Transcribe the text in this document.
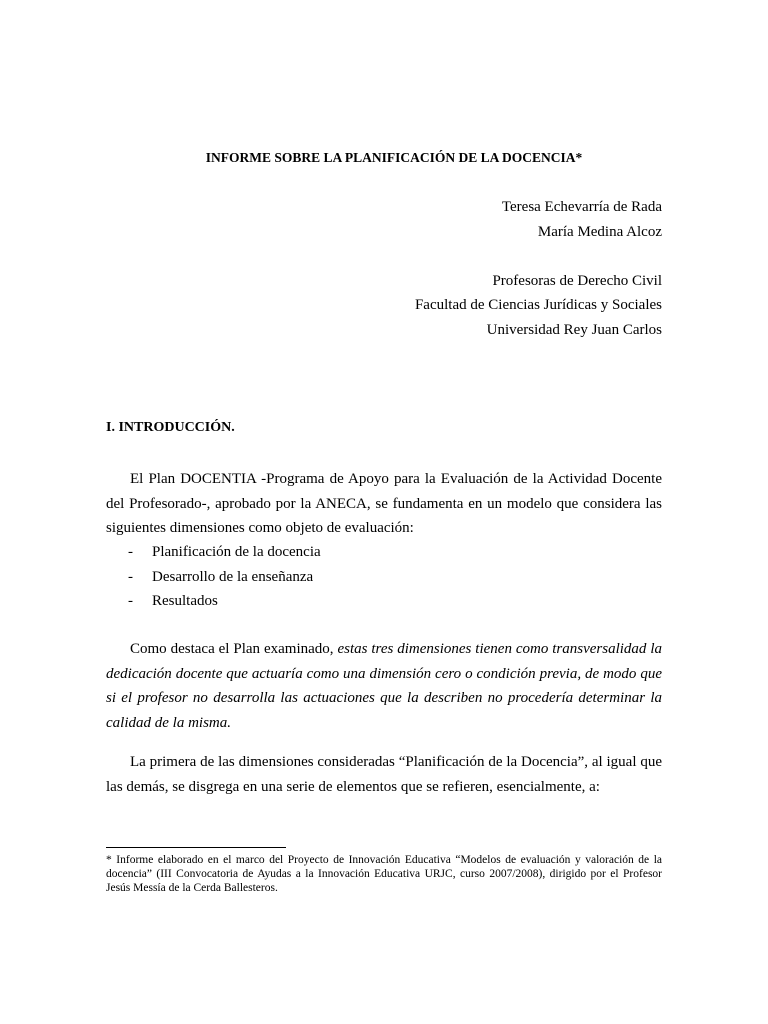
INFORME SOBRE LA PLANIFICACIÓN DE LA DOCENCIA*
Teresa Echevarría de Rada
María Medina Alcoz
Profesoras de Derecho Civil
Facultad de Ciencias Jurídicas y Sociales
Universidad Rey Juan Carlos
I. INTRODUCCIÓN.

El Plan DOCENTIA -Programa de Apoyo para la Evaluación de la Actividad Docente del Profesorado-, aprobado por la ANECA, se fundamenta en un modelo que considera las siguientes dimensiones como objeto de evaluación:

- Planificación de la docencia
- Desarrollo de la enseñanza
- Resultados

Como destaca el Plan examinado, estas tres dimensiones tienen como transversalidad la dedicación docente que actuaría como una dimensión cero o condición previa, de modo que si el profesor no desarrolla las actuaciones que la describen no procedería determinar la calidad de la misma.

La primera de las dimensiones consideradas “Planificación de la Docencia”, al igual que las demás, se disgrega en una serie de elementos que se refieren, esencialmente, a:

* Informe elaborado en el marco del Proyecto de Innovación Educativa “Modelos de evaluación y valoración de la docencia” (III Convocatoria de Ayudas a la Innovación Educativa URJC, curso 2007/2008), dirigido por el Profesor Jesús Messía de la Cerda Ballesteros.
